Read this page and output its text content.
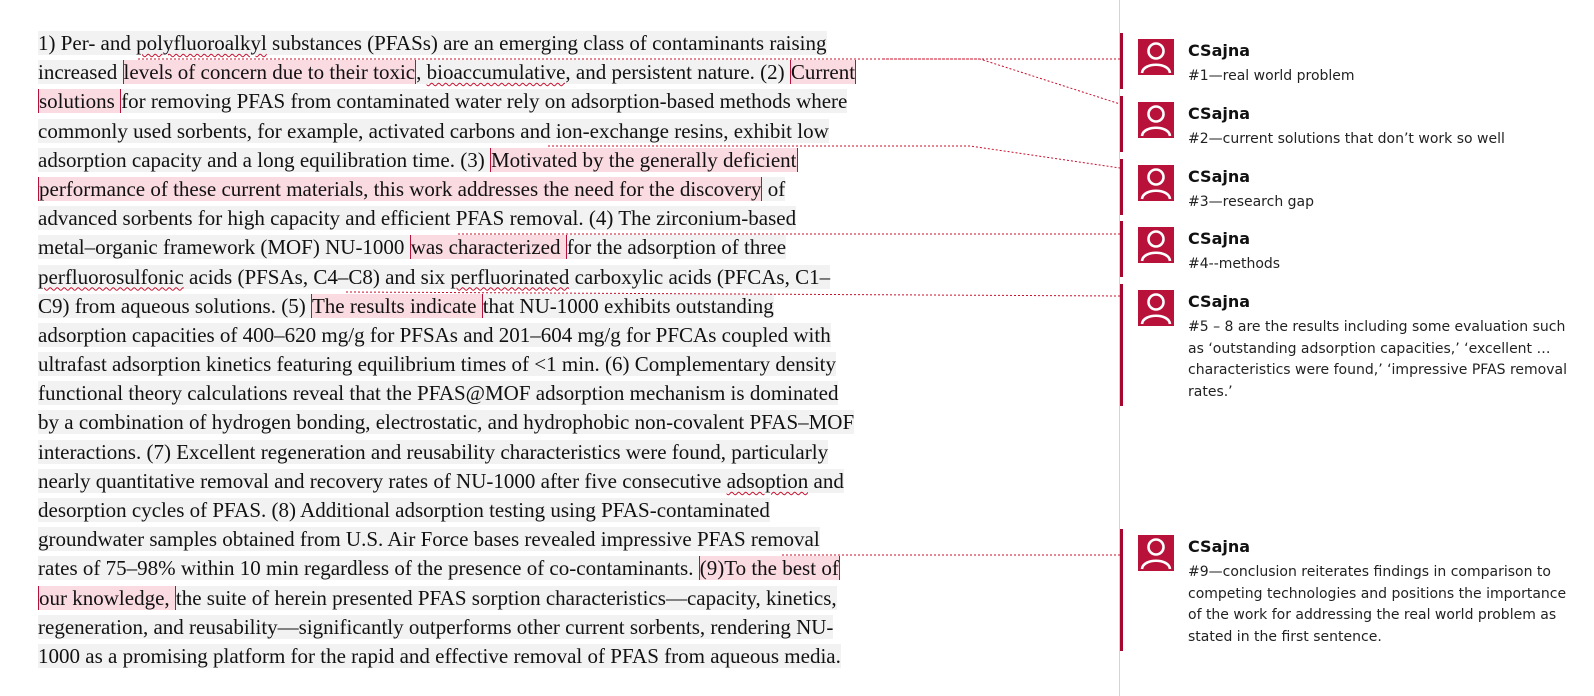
1) Per- and polyfluoroalkyl substances (PFASs) are an emerging class of contaminants raising
increased levels of concern due to their toxic, bioaccumulative, and persistent nature. (2) Current
solutions for removing PFAS from contaminated water rely on adsorption-based methods where
commonly used sorbents, for example, activated carbons and ion-exchange resins, exhibit low
adsorption capacity and a long equilibration time. (3) Motivated by the generally deficient
performance of these current materials, this work addresses the need for the discovery of
advanced sorbents for high capacity and efficient PFAS removal. (4) The zirconium-based
metal–organic framework (MOF) NU-1000 was characterized for the adsorption of three
perfluorosulfonic acids (PFSAs, C4–C8) and six perfluorinated carboxylic acids (PFCAs, C1–
C9) from aqueous solutions. (5) The results indicate that NU-1000 exhibits outstanding
adsorption capacities of 400–620 mg/g for PFSAs and 201–604 mg/g for PFCAs coupled with
ultrafast adsorption kinetics featuring equilibrium times of <1 min. (6) Complementary density
functional theory calculations reveal that the PFAS@MOF adsorption mechanism is dominated
by a combination of hydrogen bonding, electrostatic, and hydrophobic non-covalent PFAS–MOF
interactions. (7) Excellent regeneration and reusability characteristics were found, particularly
nearly quantitative removal and recovery rates of NU-1000 after five consecutive adsoption and
desorption cycles of PFAS. (8) Additional adsorption testing using PFAS-contaminated
groundwater samples obtained from U.S. Air Force bases revealed impressive PFAS removal
rates of 75–98% within 10 min regardless of the presence of co-contaminants. (9)To the best of
our knowledge, the suite of herein presented PFAS sorption characteristics—capacity, kinetics,
regeneration, and reusability—significantly outperforms other current sorbents, rendering NU-
1000 as a promising platform for the rapid and effective removal of PFAS from aqueous media.
CSajna
#1—real world problem
CSajna
#2—current solutions that don’t work so well
CSajna
#3—research gap
CSajna
#4--methods
CSajna
#5 – 8 are the results including some evaluation such as ‘outstanding adsorption capacities,’ ‘excellent … characteristics were found,’ ‘impressive PFAS removal rates.’
CSajna
#9—conclusion reiterates findings in comparison to competing technologies and positions the importance of the work for addressing the real world problem as stated in the first sentence.
